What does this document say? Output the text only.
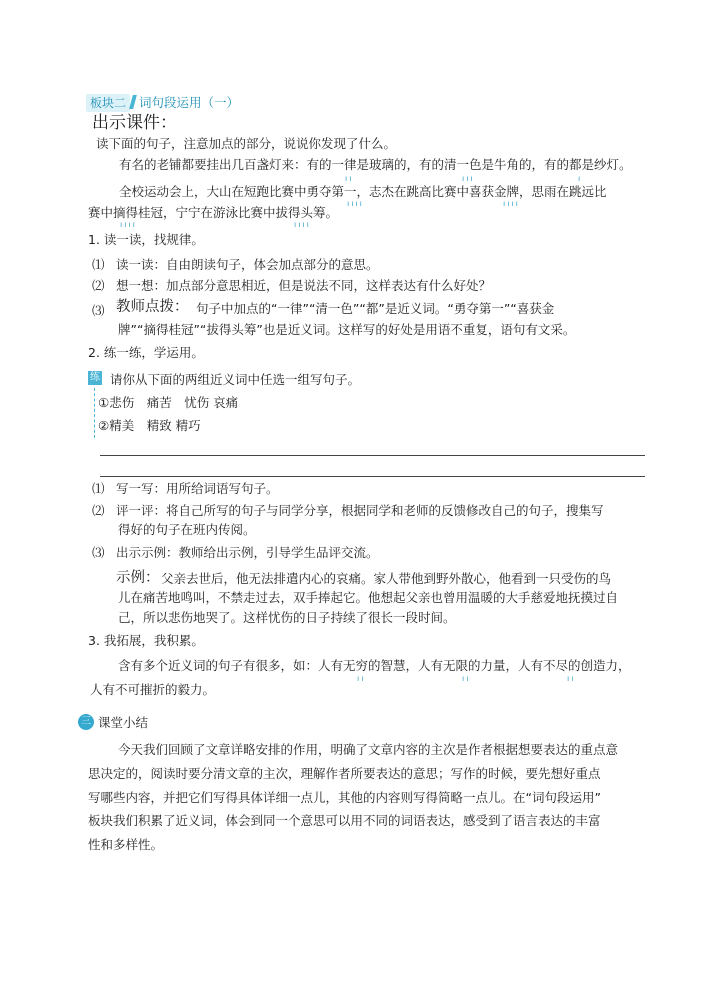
板块二 词句段运用（一）
出示课件：
读下面的句子，注意加点的部分，说说你发现了什么。
有名的老铺都要挂出几百盏灯来：有的一律是玻璃的，有的清一色是牛角的，有的都是纱灯。
ıı	ııı	ı
全校运动会上，大山在短跑比赛中勇夺第一，志杰在跳高比赛中喜获金牌，思雨在跳远比
ıııı	ıııı
赛中摘得桂冠，宁宁在游泳比赛中拔得头筹。
ıııı	ıııı
1. 读一读，找规律。
⑴ 读一读：自由朗读句子，体会加点部分的意思。
⑵ 想一想：加点部分意思相近，但是说法不同，这样表达有什么好处？
⑶ 教师点拨： 句子中加点的“一律”“清一色”“都”是近义词。“勇夺第一”“喜获金
牌”“摘得桂冠”“拔得头筹”也是近义词。这样写的好处是用语不重复，语句有文采。
2. 练一练，学运用。
练 请你从下面的两组近义词中任选一组写句子。
①悲伤　痛苦　忧伤 哀痛
②精美　精致 精巧
⑴ 写一写：用所给词语写句子。
⑵ 评一评：将自己所写的句子与同学分享，根据同学和老师的反馈修改自己的句子，搜集写
得好的句子在班内传阅。
⑶ 出示示例：教师给出示例，引导学生品评交流。
示例： 父亲去世后，他无法排遣内心的哀痛。家人带他到野外散心，他看到一只受伤的鸟
儿在痛苦地鸣叫，不禁走过去，双手捧起它。他想起父亲也曾用温暖的大手慈爱地抚摸过自
己，所以悲伤地哭了。这样忧伤的日子持续了很长一段时间。
3. 我拓展，我积累。
含有多个近义词的句子有很多，如：人有无穷的智慧，人有无限的力量，人有不尽的创造力，
ıı	ıı	ıı
人有不可摧折的毅力。
三 课堂小结
今天我们回顾了文章详略安排的作用，明确了文章内容的主次是作者根据想要表达的重点意
思决定的，阅读时要分清文章的主次，理解作者所要表达的意思；写作的时候，要先想好重点
写哪些内容，并把它们写得具体详细一点儿，其他的内容则写得简略一点儿。在“词句段运用”
板块我们积累了近义词，体会到同一个意思可以用不同的词语表达，感受到了语言表达的丰富
性和多样性。
